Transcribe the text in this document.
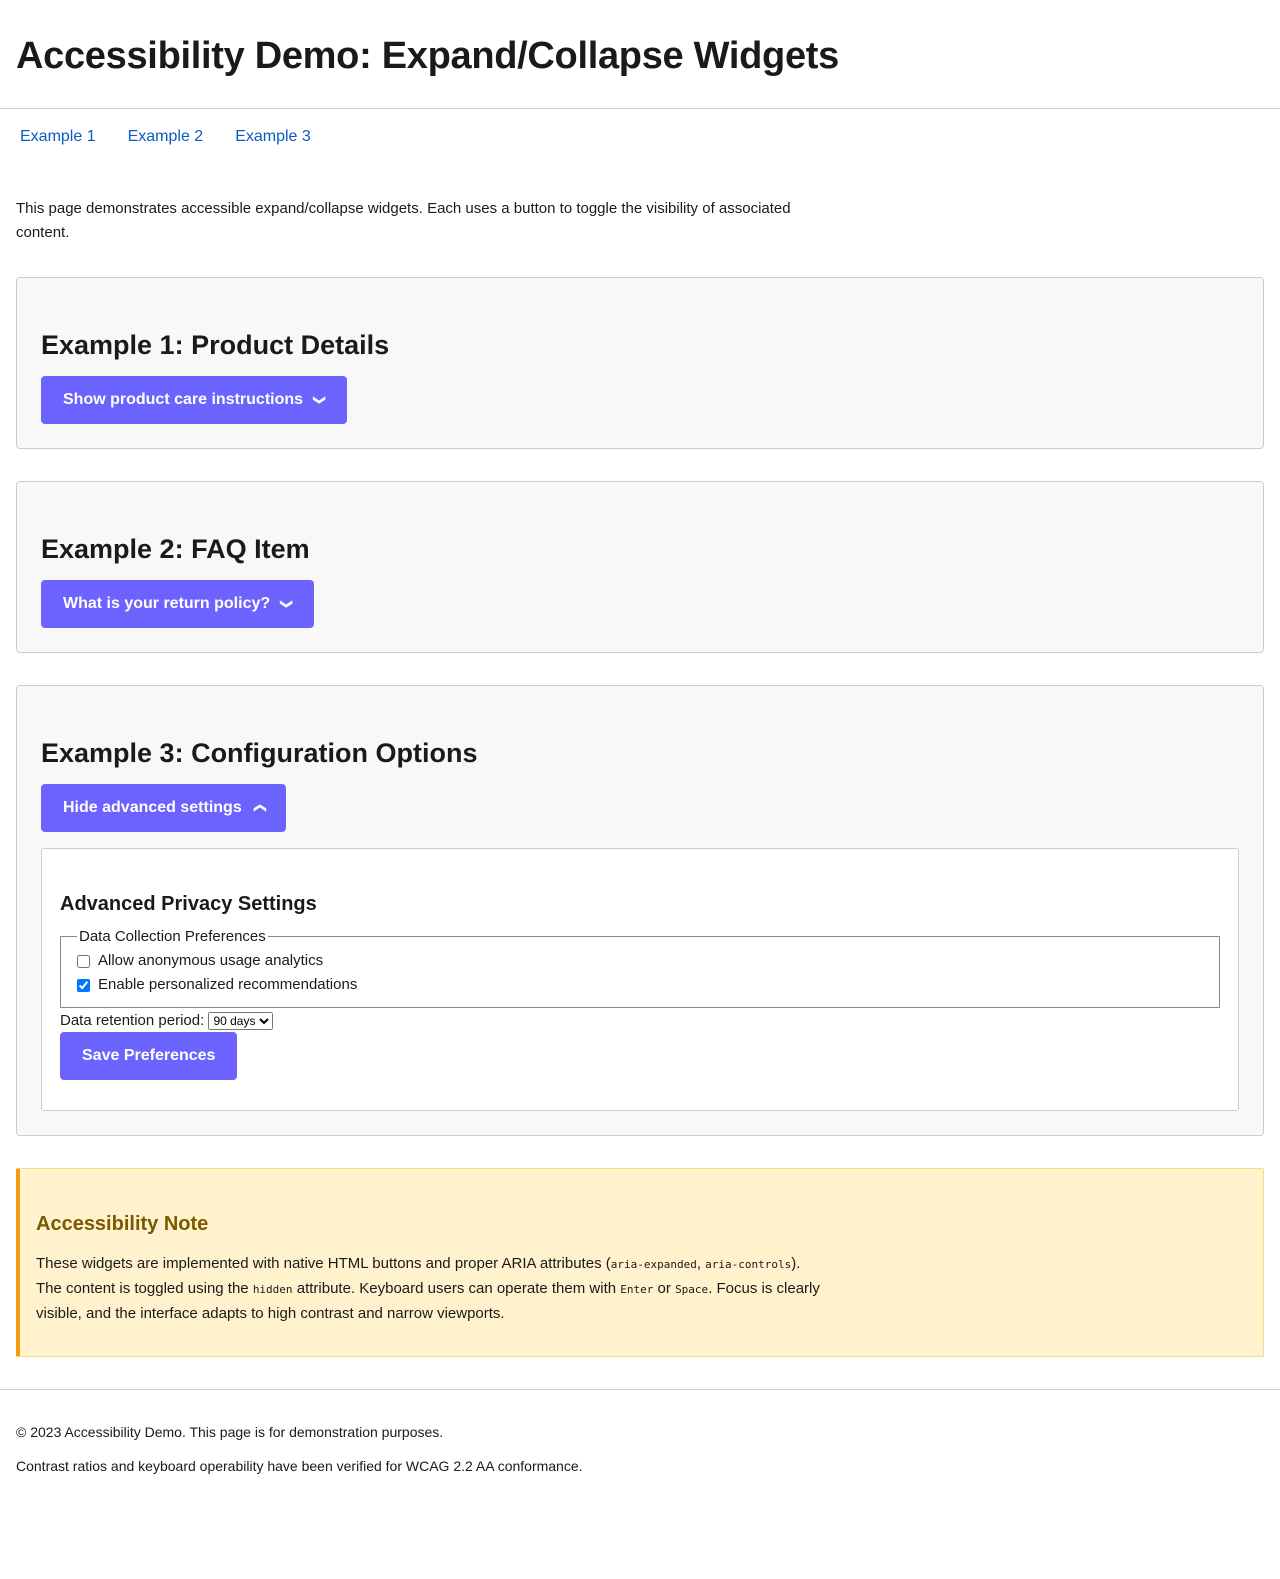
Accessibility Demo: Expand/Collapse Widgets
Example 1 Example 2 Example 3

This page demonstrates accessible expand/collapse widgets. Each uses a button to toggle the visibility of associated content.

Example 1: Product Details
Show product care instructions ❯
Example 2: FAQ Item
What is your return policy? ❯
Example 3: Configuration Options
Hide advanced settings ❯
Advanced Privacy Settings
Data Collection Preferences
Allow anonymous usage analytics
Enable personalized recommendations
Data retention period:
90 days
Save Preferences
Accessibility Note

These widgets are implemented with native HTML buttons and proper ARIA attributes (aria-expanded, aria-controls). The content is toggled using the hidden attribute. Keyboard users can operate them with Enter or Space. Focus is clearly visible, and the interface adapts to high contrast and narrow viewports.

© 2023 Accessibility Demo. This page is for demonstration purposes.

Contrast ratios and keyboard operability have been verified for WCAG 2.2 AA conformance.
